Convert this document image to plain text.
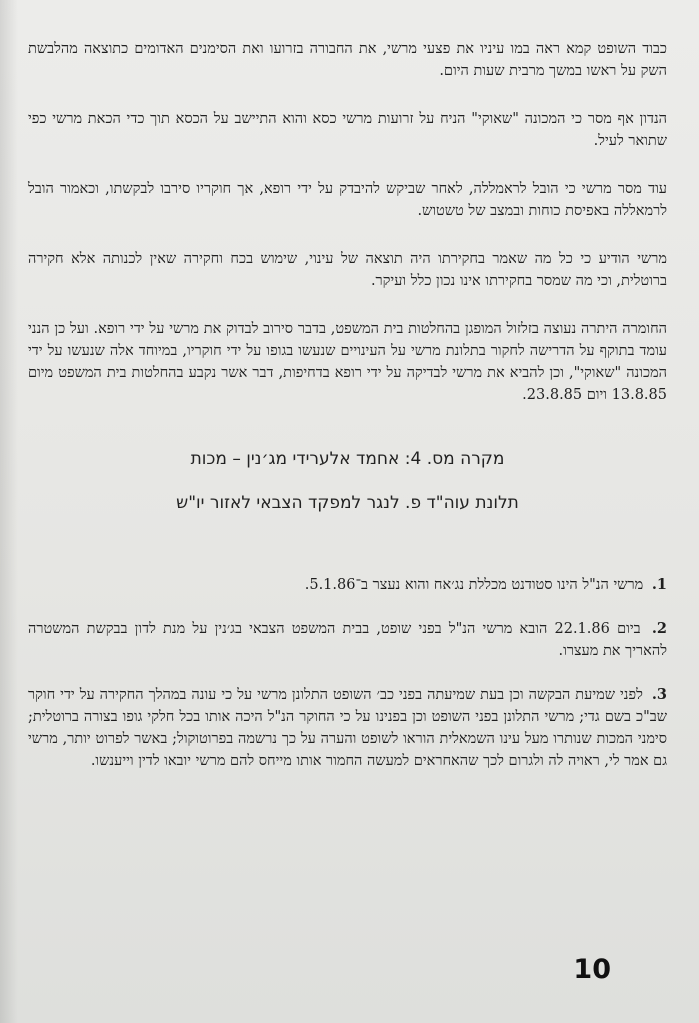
כבוד השופט קמא ראה במו עיניו את פצעי מרשי, את החבורה בזרועו ואת הסימנים האדומים כתוצאה מהלבשת השק על ראשו במשך מרבית שעות היום.

הנדון אף מסר כי המכונה "שאוקי" הניח על זרועות מרשי כסא והוא התיישב על הכסא תוך כדי הכאת מרשי כפי שתואר לעיל.

עוד מסר מרשי כי הובל לראמללה, לאחר שביקש להיבדק על ידי רופא, אך חוקריו סירבו לבקשתו, וכאמור הובל לרמאללה באפיסת כוחות ובמצב של טשטוש.

מרשי הודיע כי כל מה שאמר בחקירתו היה תוצאה של עינוי, שימוש בכח וחקירה שאין לכנותה אלא חקירה ברוטלית, וכי מה שמסר בחקירתו אינו נכון כלל ועיקר.

החומרה היתרה נעוצה בזלזול המופגן בהחלטות בית המשפט, בדבר סירוב לבדוק את מרשי על ידי רופא. ועל כן הנני עומד בתוקף על הדרישה לחקור בתלונת מרשי על העינויים שנעשו בגופו על ידי חוקריו, במיוחד אלה שנעשו על ידי המכונה "שאוקי", וכן להביא את מרשי לבדיקה על ידי רופא בדחיפות, דבר אשר נקבע בהחלטות בית המשפט מיום 13.8.85 ויום 23.8.85.

מקרה מס. 4: אחמד אלערידי מג׳נין – מכות

תלונת עוה"ד פ. לנגר למפקד הצבאי לאזור יו"ש

1. מרשי הנ"ל הינו סטודנט מכללת נג׳אח והוא נעצר ב־5.1.86.

2. ביום 22.1.86 הובא מרשי הנ"ל בפני שופט, בבית המשפט הצבאי בג׳נין על מנת לדון בבקשת המשטרה להאריך את מעצרו.

3. לפני שמיעת הבקשה וכן בעת שמיעתה בפני כב׳ השופט התלונן מרשי על כי עונה במהלך החקירה על ידי חוקר שב"כ בשם גדי; מרשי התלונן בפני השופט וכן בפנינו על כי החוקר הנ"ל היכה אותו בכל חלקי גופו בצורה ברוטלית; סימני המכות שנותרו מעל עינו השמאלית הוראו לשופט והערה על כך נרשמה בפרוטוקול; באשר לפרוט יותר, מרשי גם אמר לי, ראויה לה ולגרום לכך שהאחראים למעשה החמור אותו מייחס להם מרשי יובאו לדין וייענשו.

10
